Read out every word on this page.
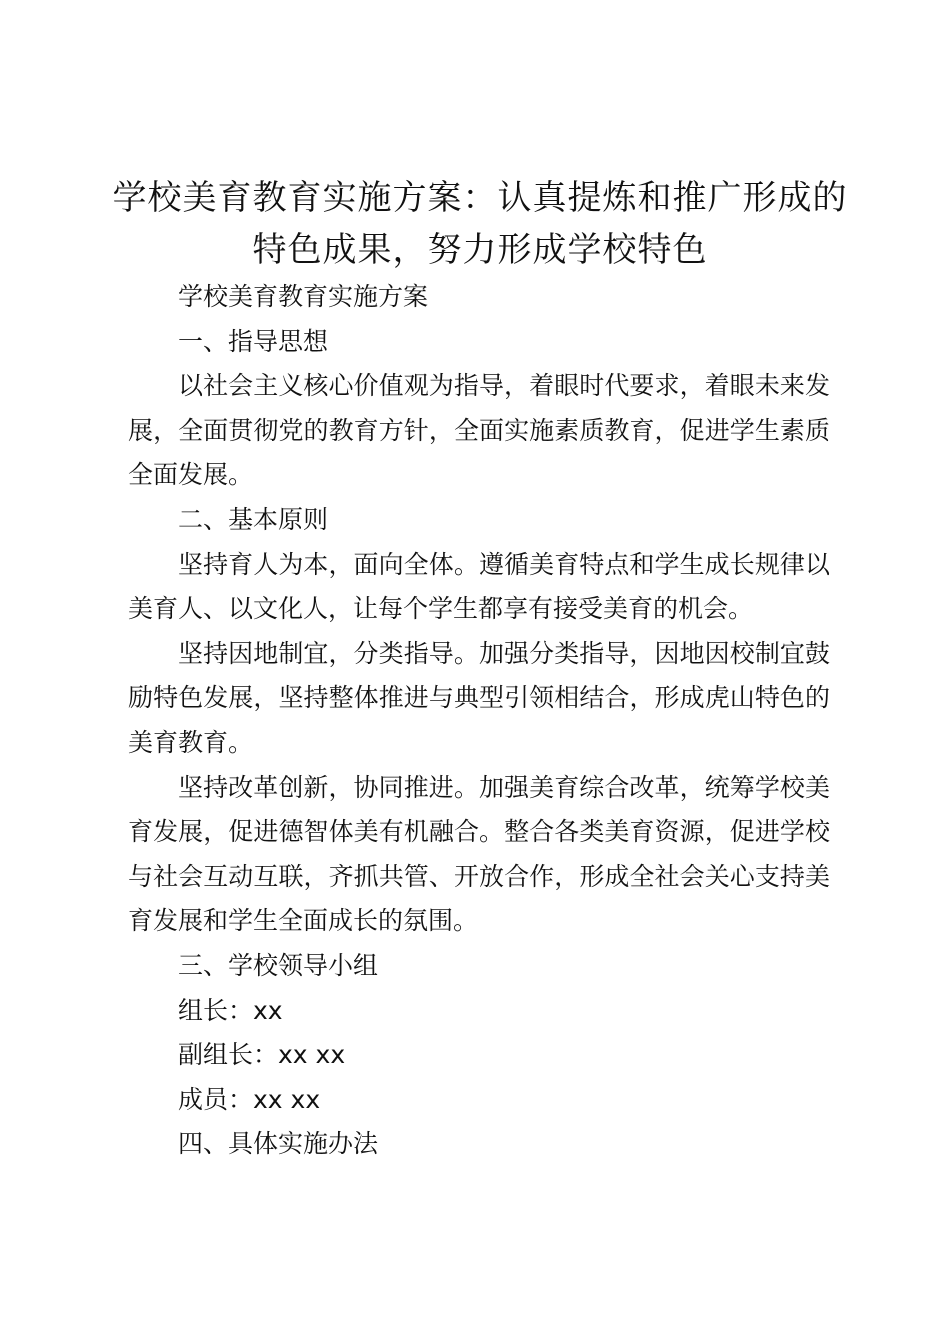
学校美育教育实施方案：认真提炼和推广形成的特色成果，努力形成学校特色

学校美育教育实施方案

一、指导思想

以社会主义核心价值观为指导，着眼时代要求，着眼未来发展，全面贯彻党的教育方针，全面实施素质教育，促进学生素质全面发展。

二、基本原则

坚持育人为本，面向全体。遵循美育特点和学生成长规律以美育人、以文化人，让每个学生都享有接受美育的机会。

坚持因地制宜，分类指导。加强分类指导，因地因校制宜鼓励特色发展，坚持整体推进与典型引领相结合，形成虎山特色的美育教育。

坚持改革创新，协同推进。加强美育综合改革，统筹学校美育发展，促进德智体美有机融合。整合各类美育资源，促进学校与社会互动互联，齐抓共管、开放合作，形成全社会关心支持美育发展和学生全面成长的氛围。

三、学校领导小组

组长：xx

副组长：xx xx

成员：xx xx

四、具体实施办法
